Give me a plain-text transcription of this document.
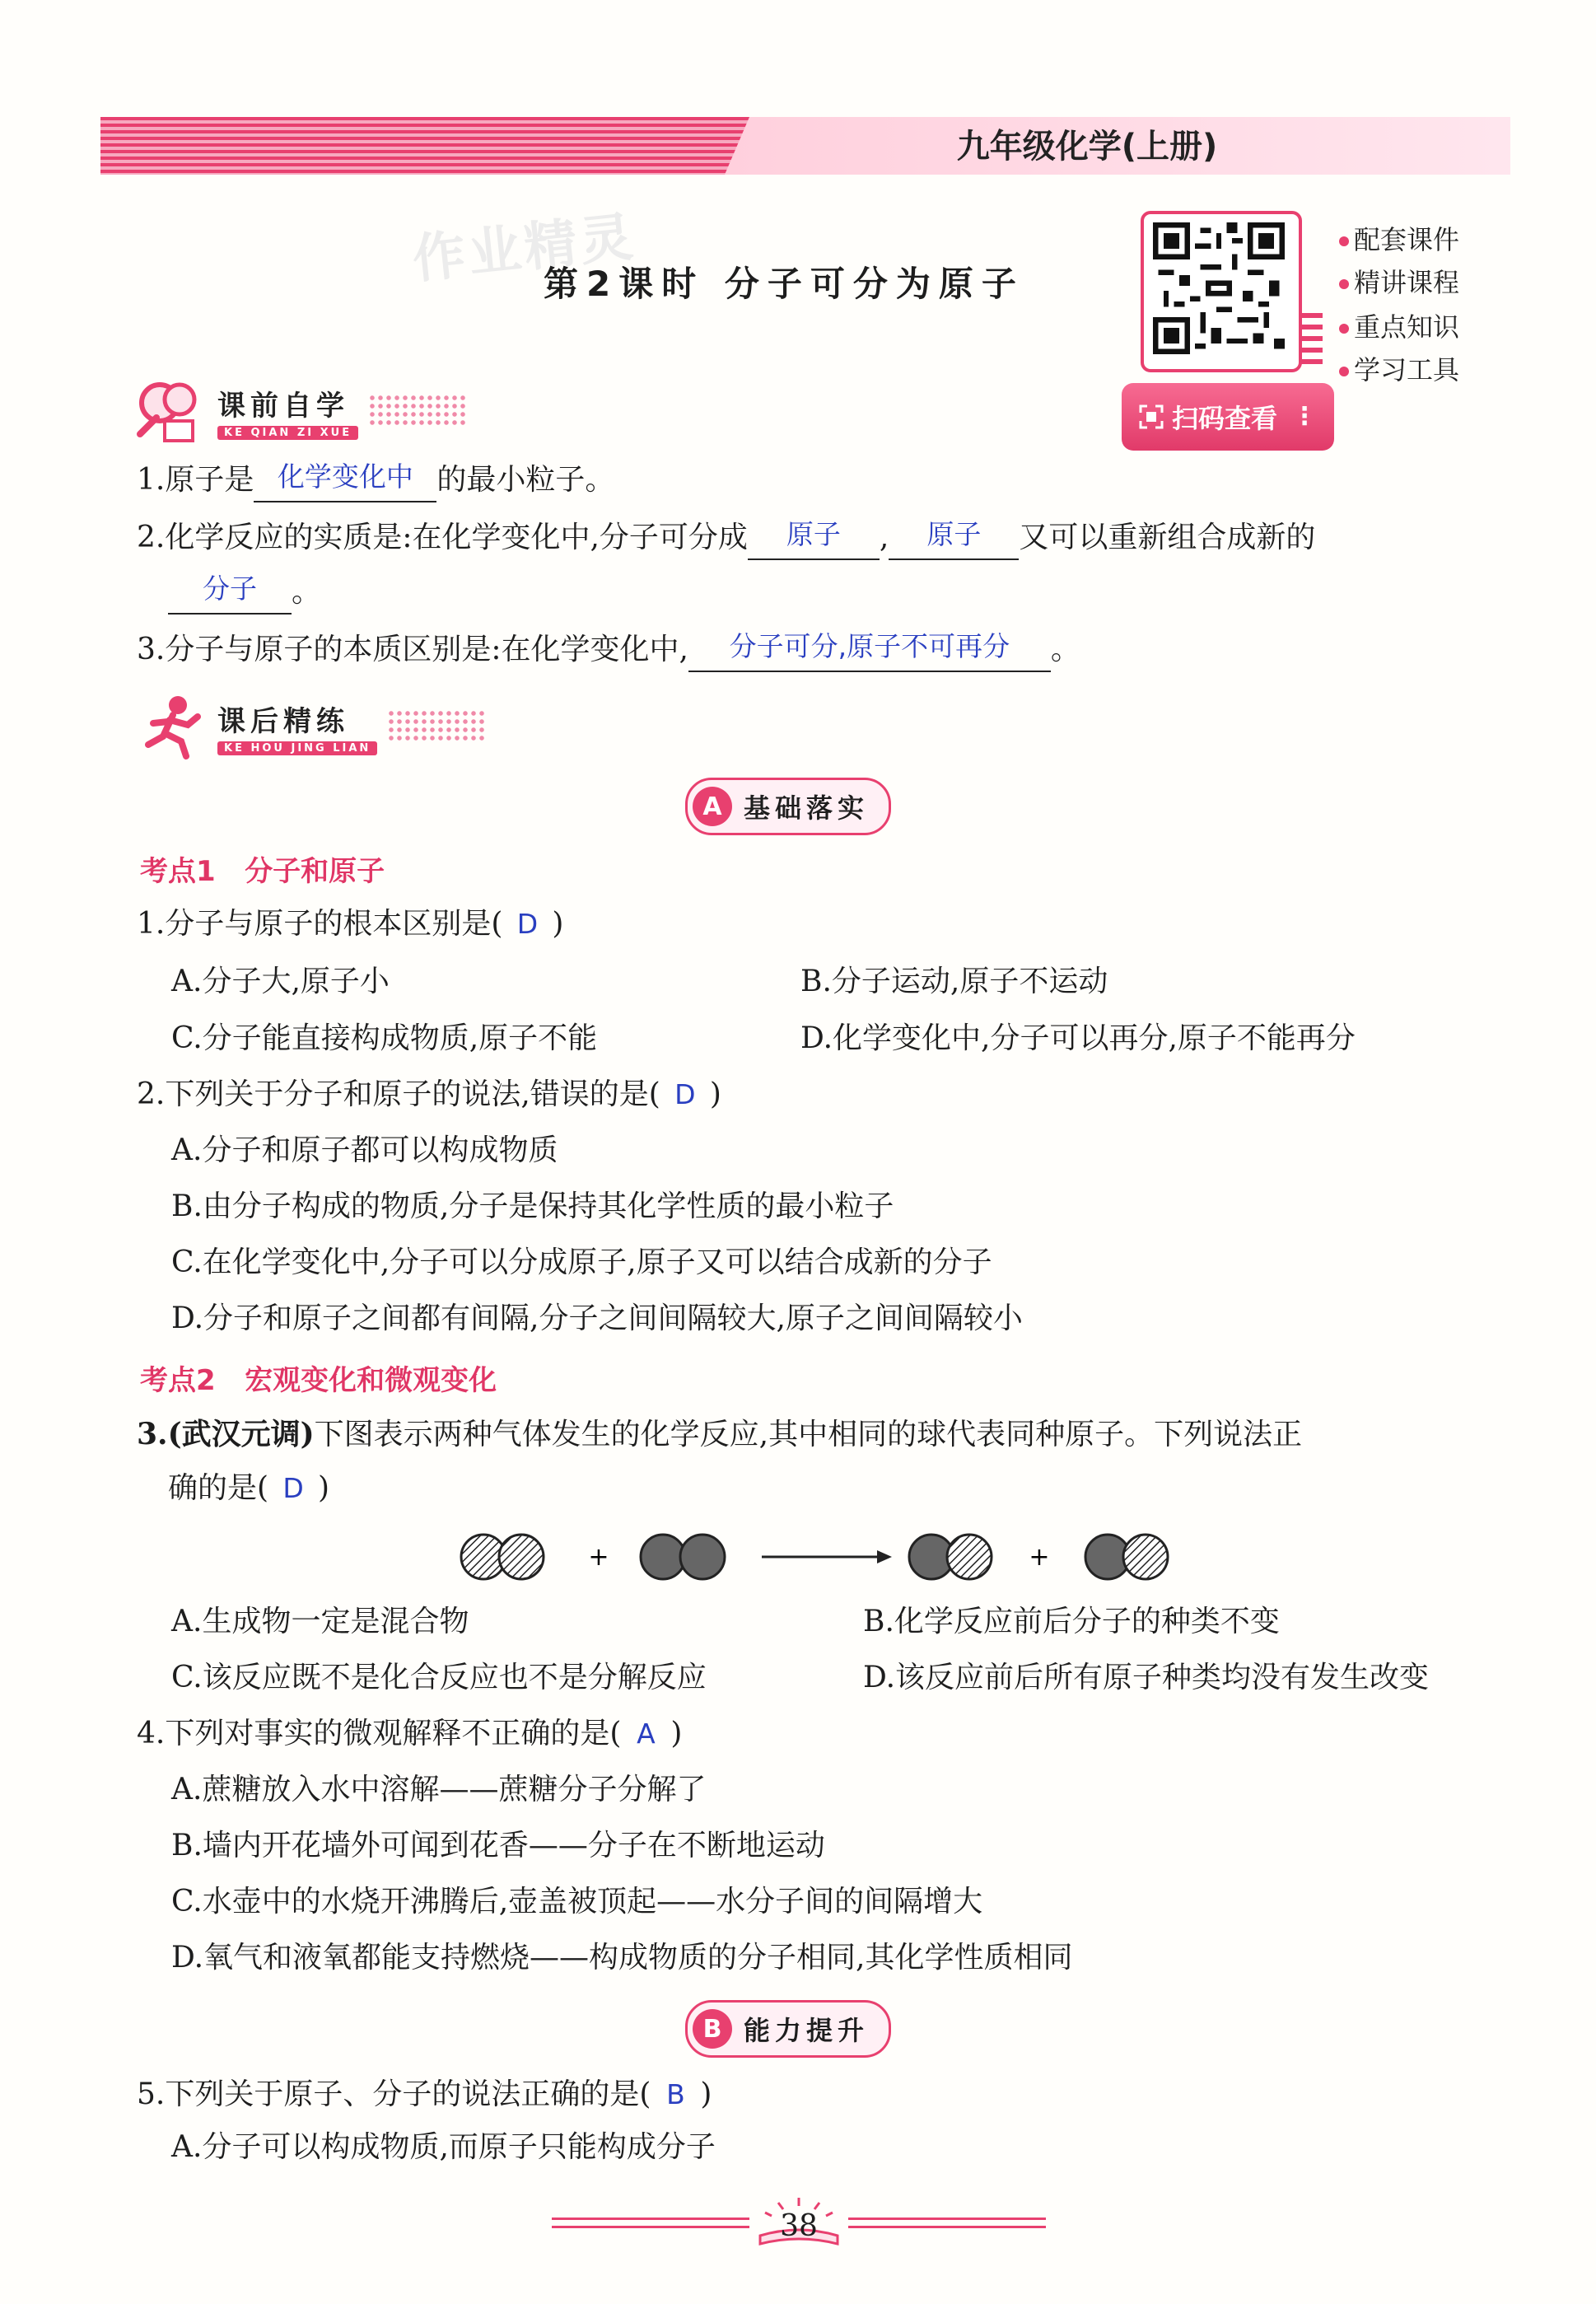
九年级化学(上册)
作业精灵
第2课时 分子可分为原子
配套课件
精讲课程
重点知识
学习工具
扫码查看 ⋮
课前自学
KE QIAN ZI XUE
1.原子是 化学变化中 的最小粒子。
2.化学反应的实质是:在化学变化中,分子可分成 原子 , 原子 又可以重新组合成新的
分子 。
3.分子与原子的本质区别是:在化学变化中, 分子可分,原子不可再分 。
课后精练
KE HOU JING LIAN
A 基础落实
考点1 分子和原子
1.分子与原子的根本区别是( D )
A.分子大,原子小	B.分子运动,原子不运动
C.分子能直接构成物质,原子不能	D.化学变化中,分子可以再分,原子不能再分
2.下列关于分子和原子的说法,错误的是( D )
A.分子和原子都可以构成物质
B.由分子构成的物质,分子是保持其化学性质的最小粒子
C.在化学变化中,分子可以分成原子,原子又可以结合成新的分子
D.分子和原子之间都有间隔,分子之间间隔较大,原子之间间隔较小
考点2 宏观变化和微观变化
3.(武汉元调)下图表示两种气体发生的化学反应,其中相同的球代表同种原子。下列说法正
确的是( D )
+	+
A.生成物一定是混合物	B.化学反应前后分子的种类不变
C.该反应既不是化合反应也不是分解反应	D.该反应前后所有原子种类均没有发生改变
4.下列对事实的微观解释不正确的是( A )
A.蔗糖放入水中溶解——蔗糖分子分解了
B.墙内开花墙外可闻到花香——分子在不断地运动
C.水壶中的水烧开沸腾后,壶盖被顶起——水分子间的间隔增大
D.氧气和液氧都能支持燃烧——构成物质的分子相同,其化学性质相同
B 能力提升
5.下列关于原子、分子的说法正确的是( B )
A.分子可以构成物质,而原子只能构成分子
38
